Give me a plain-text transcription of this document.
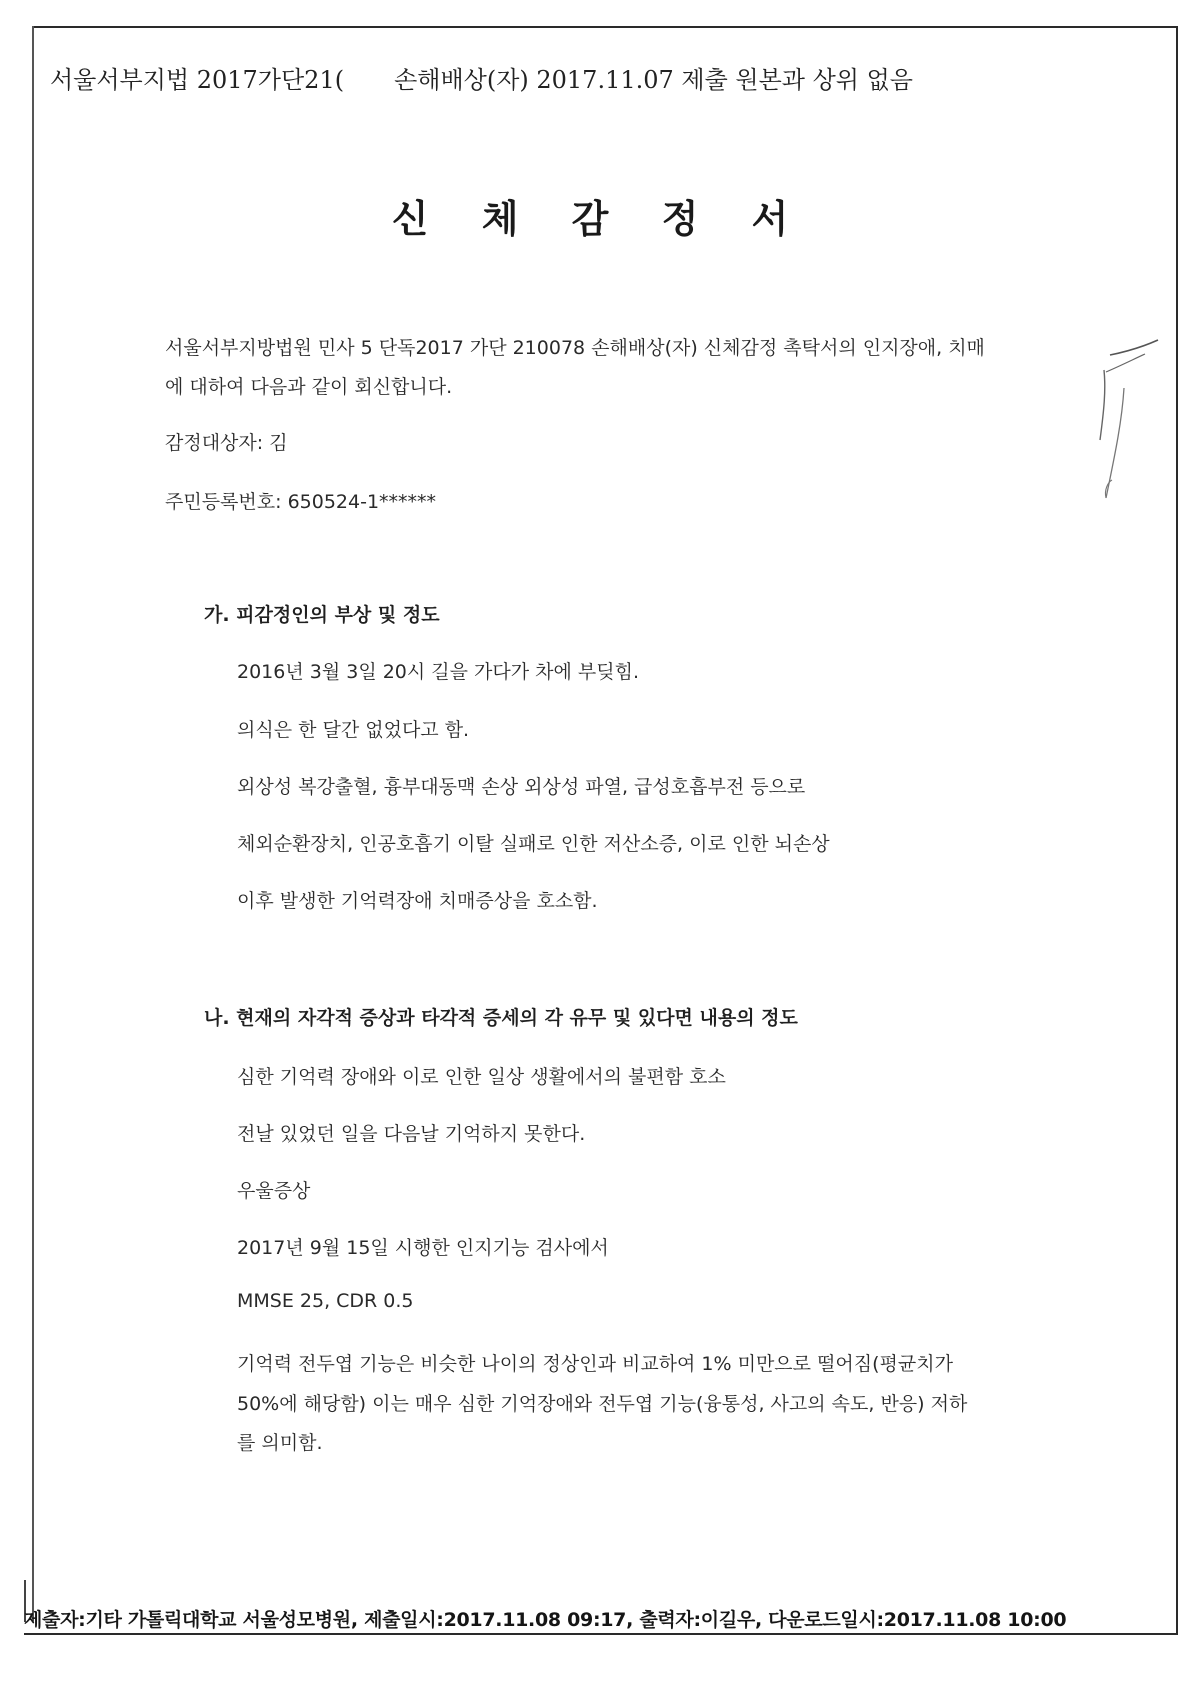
서울서부지법 2017가단21( 손해배상(자) 2017.11.07 제출 원본과 상위 없음
신 체 감 정 서
서울서부지방법원 민사 5 단독2017 가단 210078 손해배상(자) 신체감정 촉탁서의 인지장애, 치매
에 대하여 다음과 같이 회신합니다.
감정대상자: 김
주민등록번호: 650524-1******
가. 피감정인의 부상 및 정도
2016년 3월 3일 20시 길을 가다가 차에 부딪힘.
의식은 한 달간 없었다고 함.
외상성 복강출혈, 흉부대동맥 손상 외상성 파열, 급성호흡부전 등으로
체외순환장치, 인공호흡기 이탈 실패로 인한 저산소증, 이로 인한 뇌손상
이후 발생한 기억력장애 치매증상을 호소함.
나. 현재의 자각적 증상과 타각적 증세의 각 유무 및 있다면 내용의 정도
심한 기억력 장애와 이로 인한 일상 생활에서의 불편함 호소
전날 있었던 일을 다음날 기억하지 못한다.
우울증상
2017년 9월 15일 시행한 인지기능 검사에서
MMSE 25, CDR 0.5
기억력 전두엽 기능은 비슷한 나이의 정상인과 비교하여 1% 미만으로 떨어짐(평균치가
50%에 해당함) 이는 매우 심한 기억장애와 전두엽 기능(융통성, 사고의 속도, 반응) 저하
를 의미함.
제출자:기타 가톨릭대학교 서울성모병원, 제출일시:2017.11.08 09:17, 출력자:이길우, 다운로드일시:2017.11.08 10:00
